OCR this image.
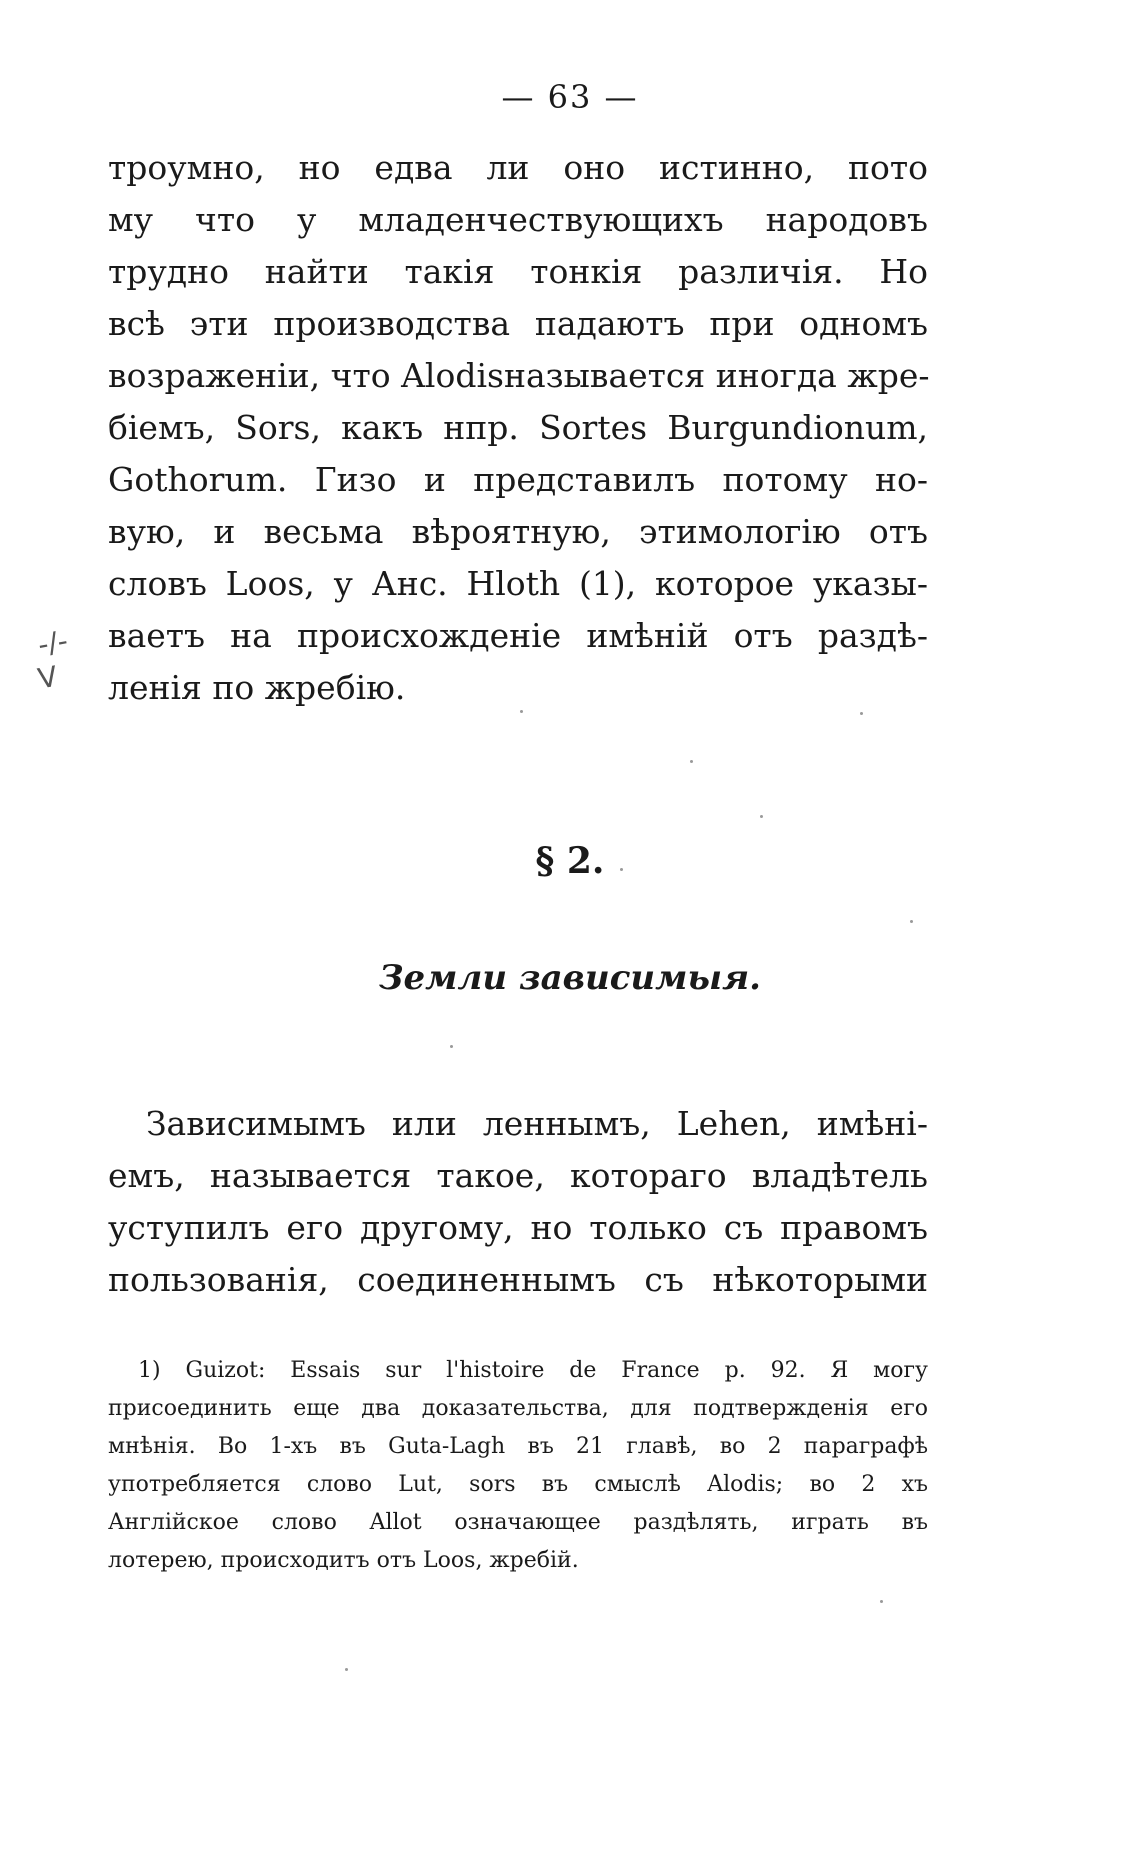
— 63 —
троумно, но едва ли оно истинно, пото
му что у младенчествующихъ народовъ
трудно найти такія тонкія различія. Но
всѣ эти производства падаютъ при одномъ
возраженіи, что Alodisназывается иногда жре-
біемъ, Sors, какъ нпр. Sortes Burgundionum,
Gothorum. Гизо и представилъ потому но-
вую, и весьма вѣроятную, этимологію отъ
словъ Loos, у Анс. Hloth (1), которое указы-
ваетъ на происхожденіе имѣній отъ раздѣ-
ленія по жребію.
-/-
V
§ 2.
Земли зависимыя.
Зависимымъ или леннымъ, Lehen, имѣні-
емъ, называется такое, котораго владѣтель
уступилъ его другому, но только съ правомъ
пользованія, соединеннымъ съ нѣкоторыми
1) Guizot: Essais sur l'histoire de France p. 92. Я могу
присоединить еще два доказательства, для подтвержденія его
мнѣнія. Во 1-хъ въ Guta-Lagh въ 21 главѣ, во 2 параграфѣ
употребляется слово Lut, sors въ смыслѣ Alodis; во 2 хъ
Англійское слово Allot означающее раздѣлять, играть въ
лотерею, происходитъ отъ Loos, жребій.
